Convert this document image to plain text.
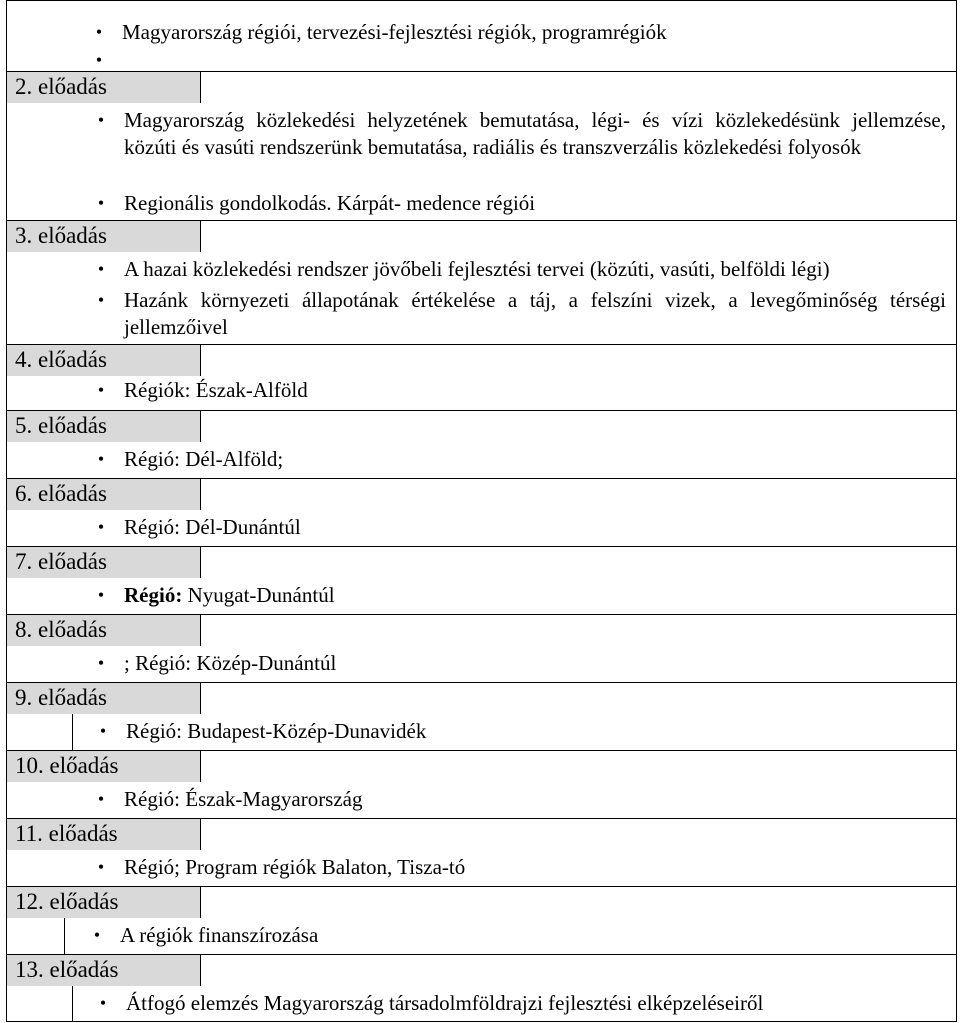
• Magyarország régiói, tervezési-fejlesztési régiók, programrégiók
•
2. előadás
• Magyarország közlekedési helyzetének bemutatása, légi- és vízi közlekedésünk jellemzése, közúti és vasúti rendszerünk bemutatása, radiális és transzverzális közlekedési folyosók
• Regionális gondolkodás. Kárpát- medence régiói
3. előadás
• A hazai közlekedési rendszer jövőbeli fejlesztési tervei (közúti, vasúti, belföldi légi)
• Hazánk környezeti állapotának értékelése a táj, a felszíni vizek, a levegőminőség térségi jellemzőivel
4. előadás
• Régiók: Észak-Alföld
5. előadás
• Régió: Dél-Alföld;
6. előadás
• Régió: Dél-Dunántúl
7. előadás
• Régió: Nyugat-Dunántúl
8. előadás
• ; Régió: Közép-Dunántúl
9. előadás
• Régió: Budapest-Közép-Dunavidék
10. előadás
• Régió: Észak-Magyarország
11. előadás
• Régió; Program régiók Balaton, Tisza-tó
12. előadás
• A régiók finanszírozása
13. előadás
• Átfogó elemzés Magyarország társadolmföldrajzi fejlesztési elképzeléseiről
